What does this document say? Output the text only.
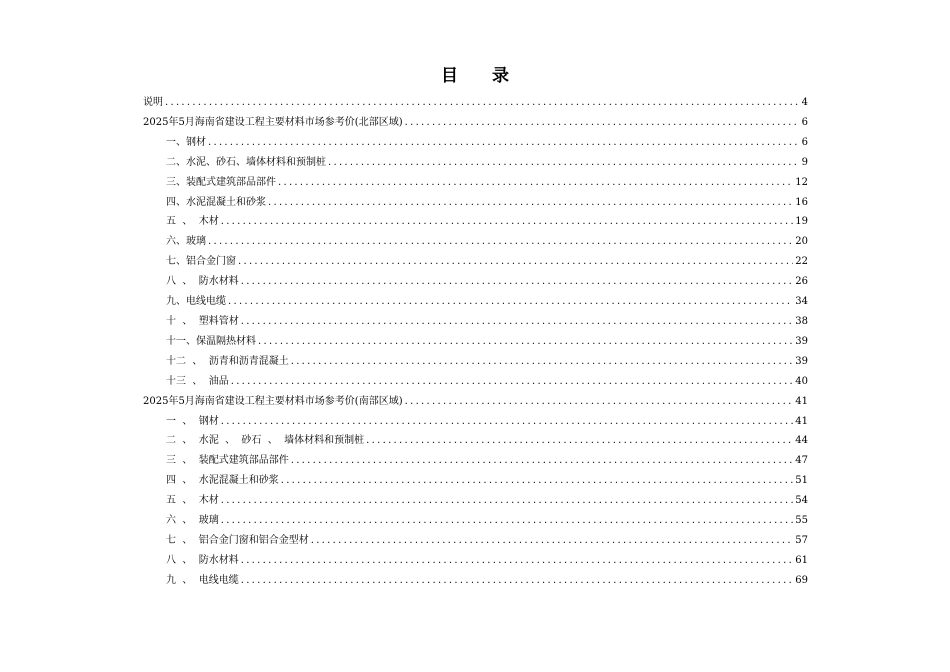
目 录
说明 .....	4
2025年5月海南省建设工程主要材料市场参考价(北部区域) .....	6
一、钢材 .....	6
二、水泥、砂石、墙体材料和预制桩 .....	9
三、装配式建筑部品部件 .....	12
四、水泥混凝土和砂浆 .....	16
五  、  木材 .....	19
六、玻璃 .....	20
七、铝合金门窗 .....	22
八  、  防水材料 .....	26
九、电线电缆 .....	34
十  、  塑料管材 .....	38
十一、保温隔热材料 .....	39
十二  、  沥青和沥青混凝土 .....	39
十三  、  油品 .....	40
2025年5月海南省建设工程主要材料市场参考价(南部区域) .....	41
一  、  钢材 .....	41
二  、  水泥  、  砂石  、  墙体材料和预制桩 .....	44
三  、  装配式建筑部品部件 .....	47
四  、  水泥混凝土和砂浆 .....	51
五  、  木材 .....	54
六  、  玻璃 .....	55
七  、  铝合金门窗和铝合金型材 .....	57
八  、  防水材料 .....	61
九  、  电线电缆 .....	69
